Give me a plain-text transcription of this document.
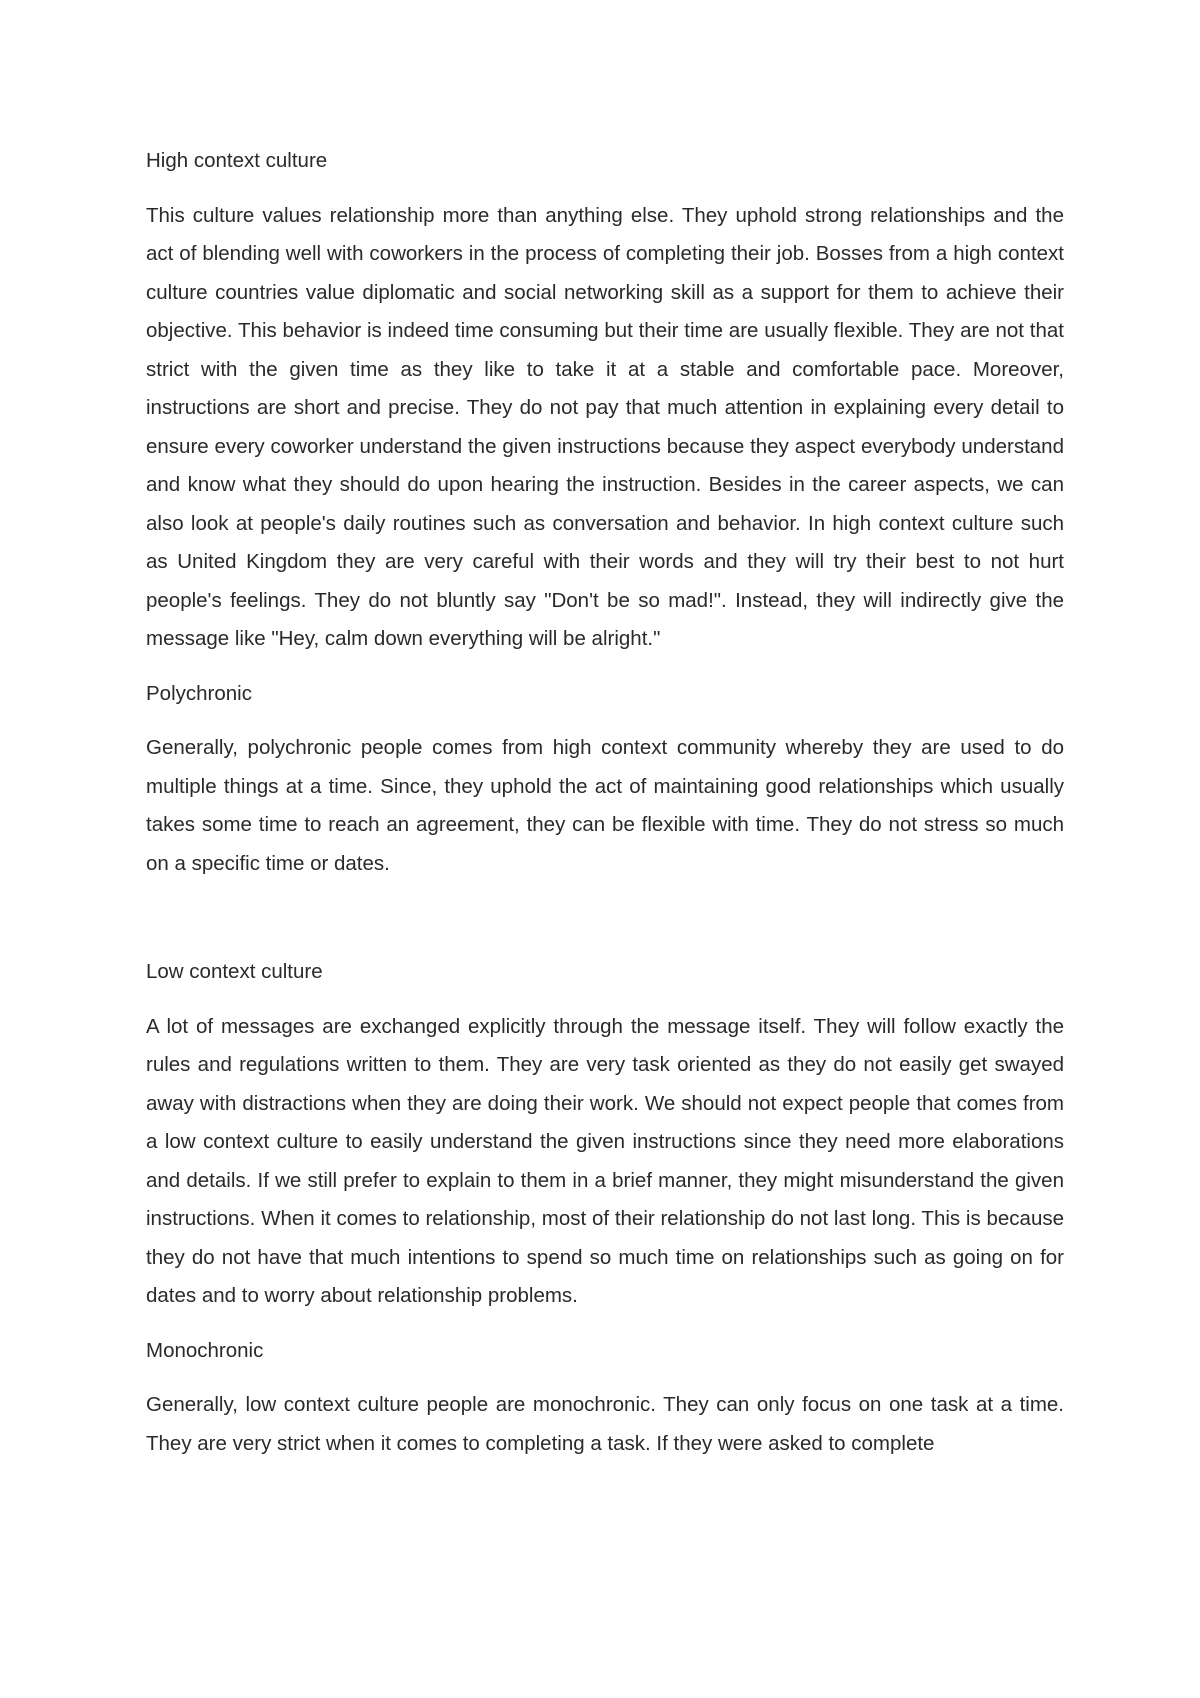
High context culture

This culture values relationship more than anything else. They uphold strong relationships and the act of blending well with coworkers in the process of completing their job. Bosses from a high context culture countries value diplomatic and social networking skill as a support for them to achieve their objective. This behavior is indeed time consuming but their time are usually flexible. They are not that strict with the given time as they like to take it at a stable and comfortable pace. Moreover, instructions are short and precise. They do not pay that much attention in explaining every detail to ensure every coworker understand the given instructions because they aspect everybody understand and know what they should do upon hearing the instruction. Besides in the career aspects, we can also look at people's daily routines such as conversation and behavior. In high context culture such as United Kingdom they are very careful with their words and they will try their best to not hurt people's feelings. They do not bluntly say "Don't be so mad!". Instead, they will indirectly give the message like "Hey, calm down everything will be alright."

Polychronic

Generally, polychronic people comes from high context community whereby they are used to do multiple things at a time. Since, they uphold the act of maintaining good relationships which usually takes some time to reach an agreement, they can be flexible with time. They do not stress so much on a specific time or dates.

Low context culture

A lot of messages are exchanged explicitly through the message itself. They will follow exactly the rules and regulations written to them. They are very task oriented as they do not easily get swayed away with distractions when they are doing their work. We should not expect people that comes from a low context culture to easily understand the given instructions since they need more elaborations and details. If we still prefer to explain to them in a brief manner, they might misunderstand the given instructions. When it comes to relationship, most of their relationship do not last long. This is because they do not have that much intentions to spend so much time on relationships such as going on for dates and to worry about relationship problems.

Monochronic

Generally, low context culture people are monochronic. They can only focus on one task at a time. They are very strict when it comes to completing a task. If they were asked to complete
